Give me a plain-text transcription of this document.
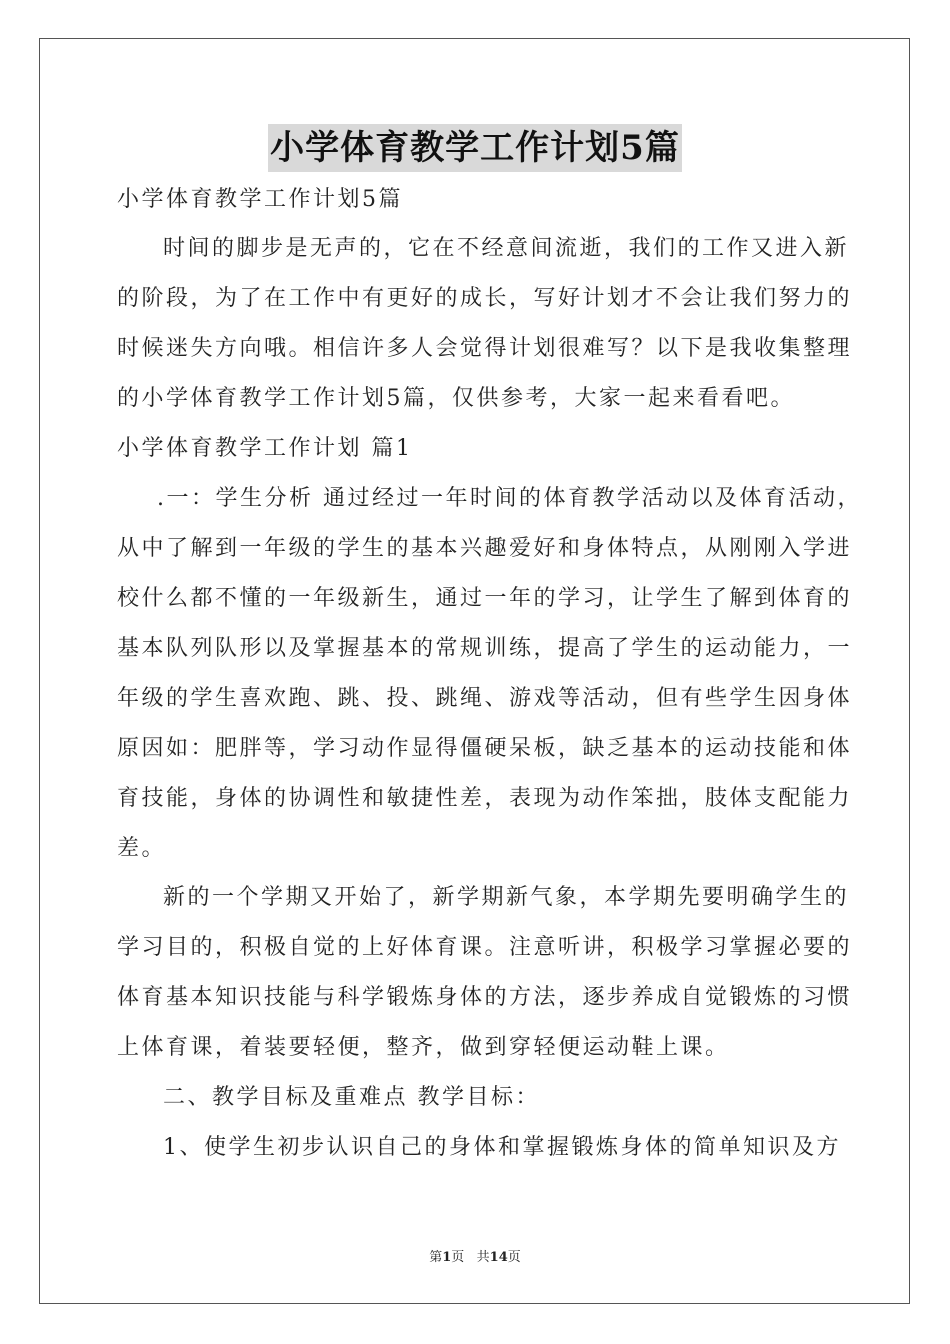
小学体育教学工作计划5篇
小学体育教学工作计划5篇
时间的脚步是无声的，它在不经意间流逝，我们的工作又进入新
的阶段，为了在工作中有更好的成长，写好计划才不会让我们努力的
时候迷失方向哦。相信许多人会觉得计划很难写？以下是我收集整理
的小学体育教学工作计划5篇，仅供参考，大家一起来看看吧。
小学体育教学工作计划 篇1
.一：学生分析 通过经过一年时间的体育教学活动以及体育活动，
从中了解到一年级的学生的基本兴趣爱好和身体特点，从刚刚入学进
校什么都不懂的一年级新生，通过一年的学习，让学生了解到体育的
基本队列队形以及掌握基本的常规训练，提高了学生的运动能力，一
年级的学生喜欢跑、跳、投、跳绳、游戏等活动，但有些学生因身体
原因如：肥胖等，学习动作显得僵硬呆板，缺乏基本的运动技能和体
育技能，身体的协调性和敏捷性差，表现为动作笨拙，肢体支配能力
差。
新的一个学期又开始了，新学期新气象，本学期先要明确学生的
学习目的，积极自觉的上好体育课。注意听讲，积极学习掌握必要的
体育基本知识技能与科学锻炼身体的方法，逐步养成自觉锻炼的习惯
上体育课，着装要轻便，整齐，做到穿轻便运动鞋上课。
二、教学目标及重难点 教学目标：
1、使学生初步认识自己的身体和掌握锻炼身体的简单知识及方
第1页   共14页
